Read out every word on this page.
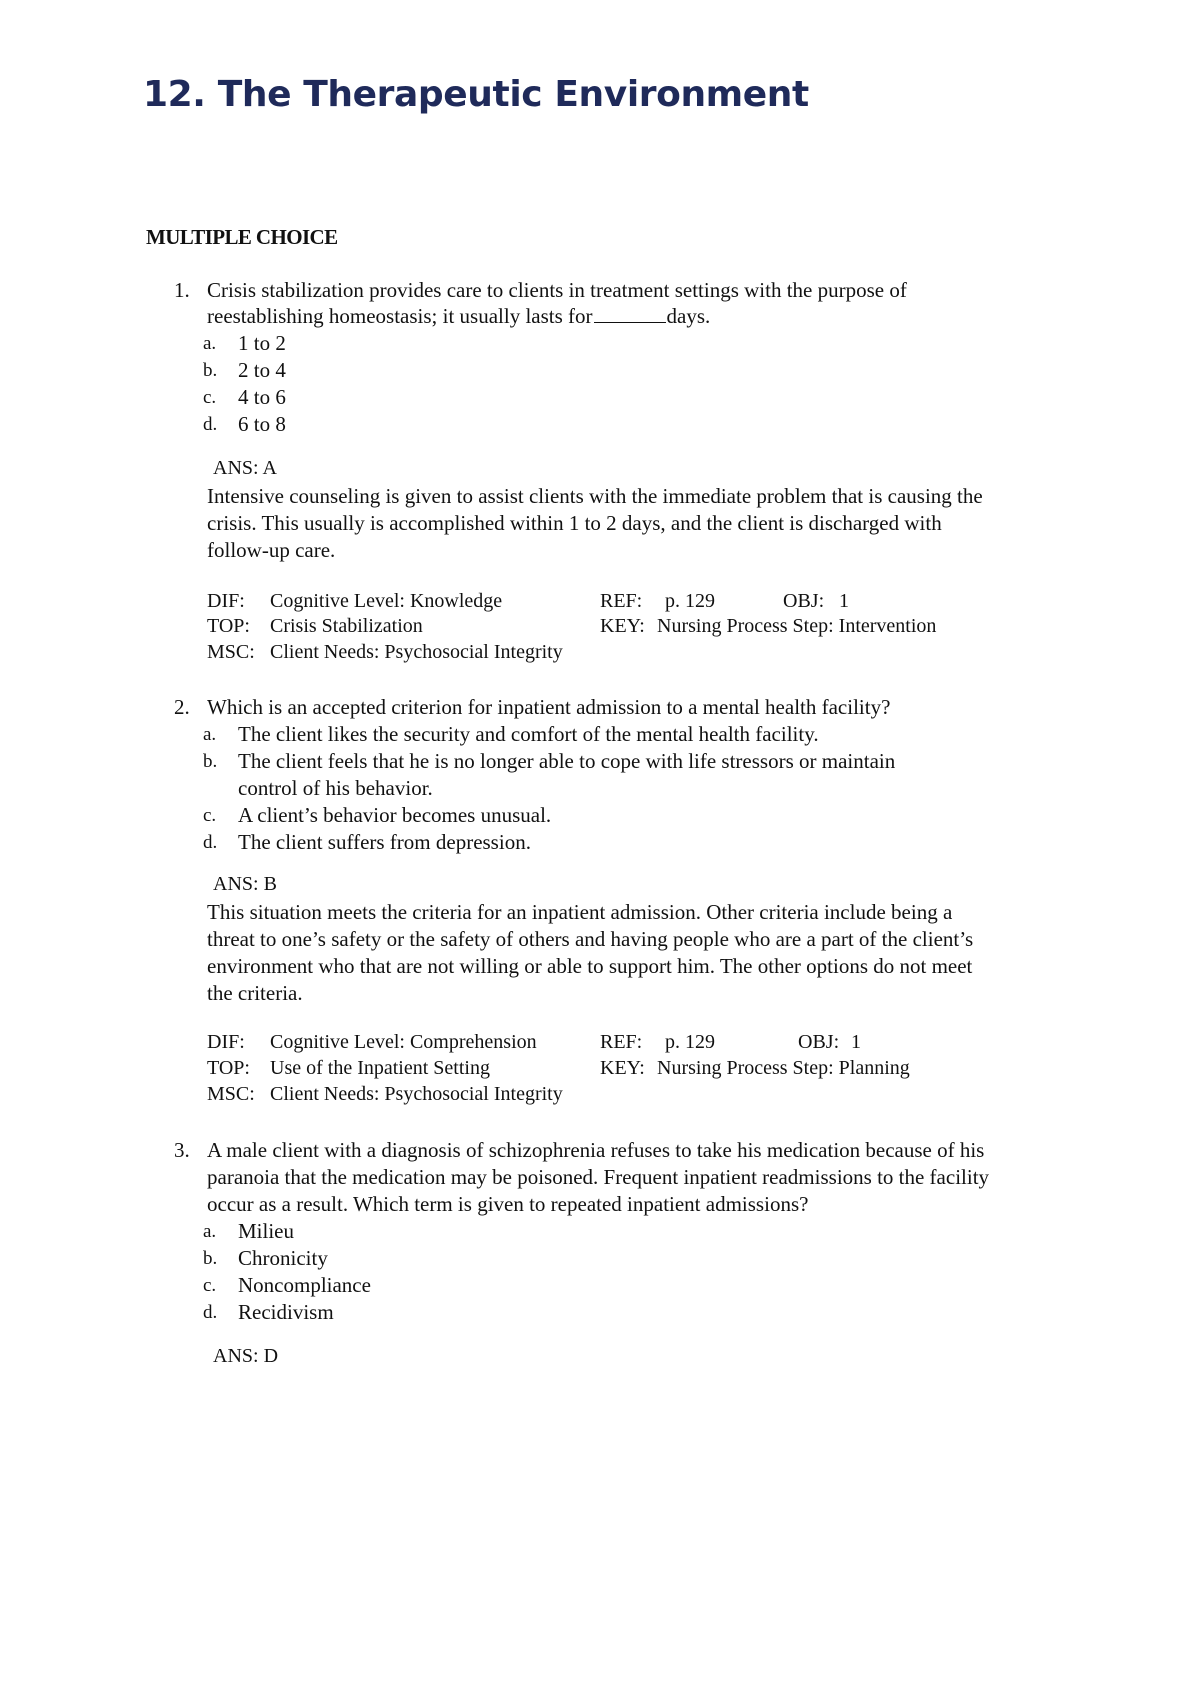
12. The Therapeutic Environment
MULTIPLE CHOICE
1. Crisis stabilization provides care to clients in treatment settings with the purpose of
reestablishing homeostasis; it usually lasts for	days.
a. 1 to 2
b. 2 to 4
c. 4 to 6
d. 6 to 8
ANS: A
Intensive counseling is given to assist clients with the immediate problem that is causing the
crisis. This usually is accomplished within 1 to 2 days, and the client is discharged with
follow-up care.
DIF: Cognitive Level: Knowledge	REF: p. 129	OBJ: 1
TOP: Crisis Stabilization	KEY: Nursing Process Step: Intervention
MSC: Client Needs: Psychosocial Integrity
2. Which is an accepted criterion for inpatient admission to a mental health facility?
a. The client likes the security and comfort of the mental health facility.
b. The client feels that he is no longer able to cope with life stressors or maintain
control of his behavior.
c. A client’s behavior becomes unusual.
d. The client suffers from depression.
ANS: B
This situation meets the criteria for an inpatient admission. Other criteria include being a
threat to one’s safety or the safety of others and having people who are a part of the client’s
environment who that are not willing or able to support him. The other options do not meet
the criteria.
DIF: Cognitive Level: Comprehension	REF: p. 129	OBJ: 1
TOP: Use of the Inpatient Setting	KEY: Nursing Process Step: Planning
MSC: Client Needs: Psychosocial Integrity
3. A male client with a diagnosis of schizophrenia refuses to take his medication because of his
paranoia that the medication may be poisoned. Frequent inpatient readmissions to the facility
occur as a result. Which term is given to repeated inpatient admissions?
a. Milieu
b. Chronicity
c. Noncompliance
d. Recidivism
ANS: D
